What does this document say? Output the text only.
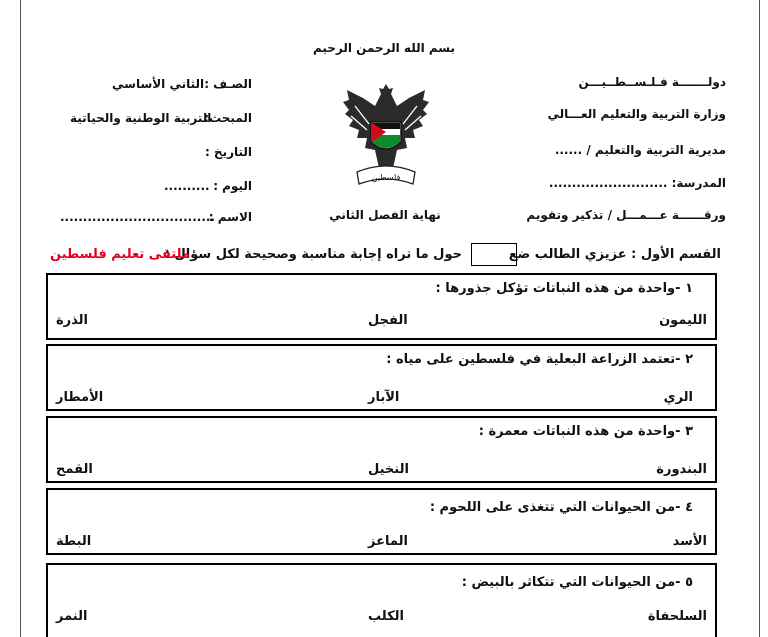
بسم الله الرحمن الرحيم
دولـــــــة فـلـســطــيـــن
وزارة التربية والتعليم العـــالي
مديرية التربية والتعليم / ......
المدرسة: ..........................
ورقــــــة عـــمـــل / تذكير وتقويم
الصـف :
المبحث:
التاريخ :
اليوم :
الاسم :
الثاني الأساسي
التربية الوطنية والحياتية
..........
..................................
فلسطين
نهاية الفصل الثاني
القسم الأول : عزيزي الطالب ضع
حول ما تراه إجابة مناسبة وصحيحة لكل سؤال :
ملتقى تعليم فلسطين
١ -واحدة من هذه النباتات تؤكل جذورها :
الليمون
الفجل
الذرة
٢ -تعتمد الزراعة البعلية في فلسطين على مياه :
الري
الآبار
الأمطار
٣ -واحدة من هذه النباتات معمرة :
البندورة
النخيل
القمح
٤ -من الحيوانات التي تتغذى على اللحوم :
الأسد
الماعز
البطة
٥ -من الحيوانات التي تتكاثر بالبيض :
السلحفاة
الكلب
النمر
